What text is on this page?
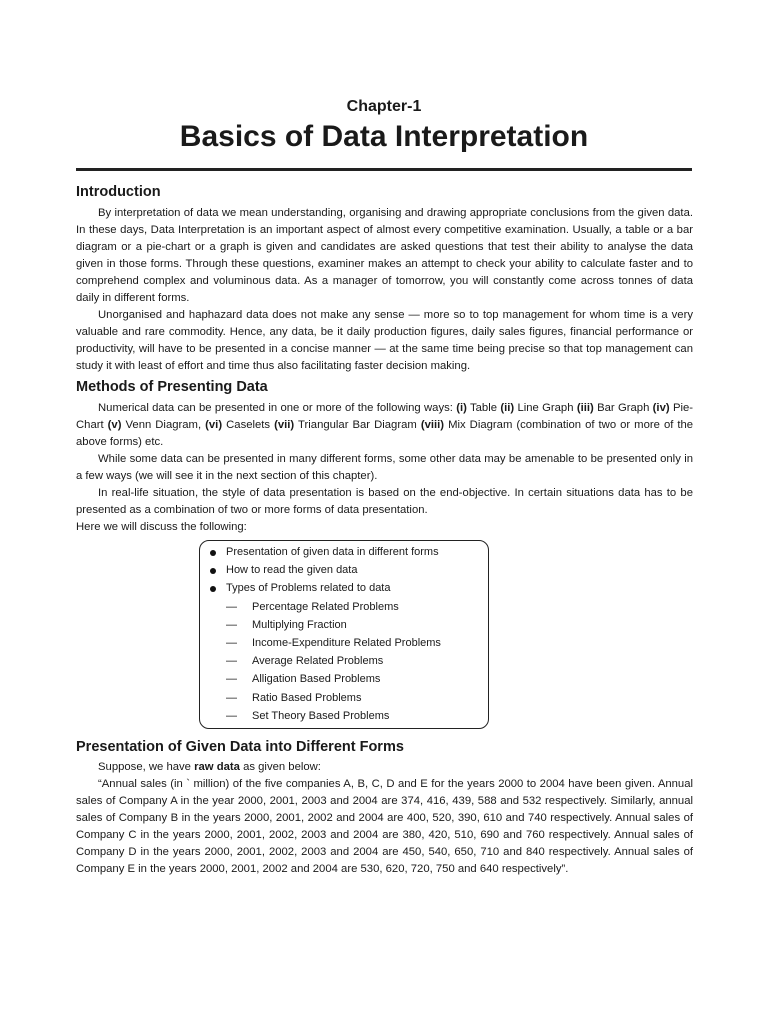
Chapter-1
Basics of Data Interpretation
Introduction

By interpretation of data we mean understanding, organising and drawing appropriate conclusions from the given data. In these days, Data Interpretation is an important aspect of almost every competitive examination. Usually, a table or a bar diagram or a pie-chart or a graph is given and candidates are asked questions that test their ability to analyse the data given in those forms. Through these questions, examiner makes an attempt to check your ability to calculate faster and to comprehend complex and voluminous data. As a manager of tomorrow, you will constantly come across tonnes of data daily in different forms.

Unorganised and haphazard data does not make any sense — more so to top management for whom time is a very valuable and rare commodity. Hence, any data, be it daily production figures, daily sales figures, financial performance or productivity, will have to be presented in a concise manner — at the same time being precise so that top management can study it with least of effort and time thus also facilitating faster decision making.

Methods of Presenting Data

Numerical data can be presented in one or more of the following ways: (i) Table (ii) Line Graph (iii) Bar Graph (iv) Pie-Chart (v) Venn Diagram, (vi) Caselets (vii) Triangular Bar Diagram (viii) Mix Diagram (combination of two or more of the above forms) etc.

While some data can be presented in many different forms, some other data may be amenable to be presented only in a few ways (we will see it in the next section of this chapter).

In real-life situation, the style of data presentation is based on the end-objective. In certain situations data has to be presented as a combination of two or more forms of data presentation.

Here we will discuss the following:

Presentation of given data in different forms
How to read the given data
Types of Problems related to data
— Percentage Related Problems
— Multiplying Fraction
— Income-Expenditure Related Problems
— Average Related Problems
— Alligation Based Problems
— Ratio Based Problems
— Set Theory Based Problems
Presentation of Given Data into Different Forms

Suppose, we have raw data as given below:

“Annual sales (in ` million) of the five companies A, B, C, D and E for the years 2000 to 2004 have been given. Annual sales of Company A in the year 2000, 2001, 2003 and 2004 are 374, 416, 439, 588 and 532 respectively. Similarly, annual sales of Company B in the years 2000, 2001, 2002 and 2004 are 400, 520, 390, 610 and 740 respectively. Annual sales of Company C in the years 2000, 2001, 2002, 2003 and 2004 are 380, 420, 510, 690 and 760 respectively. Annual sales of Company D in the years 2000, 2001, 2002, 2003 and 2004 are 450, 540, 650, 710 and 840 respectively. Annual sales of Company E in the years 2000, 2001, 2002 and 2004 are 530, 620, 720, 750 and 640 respectively”.
